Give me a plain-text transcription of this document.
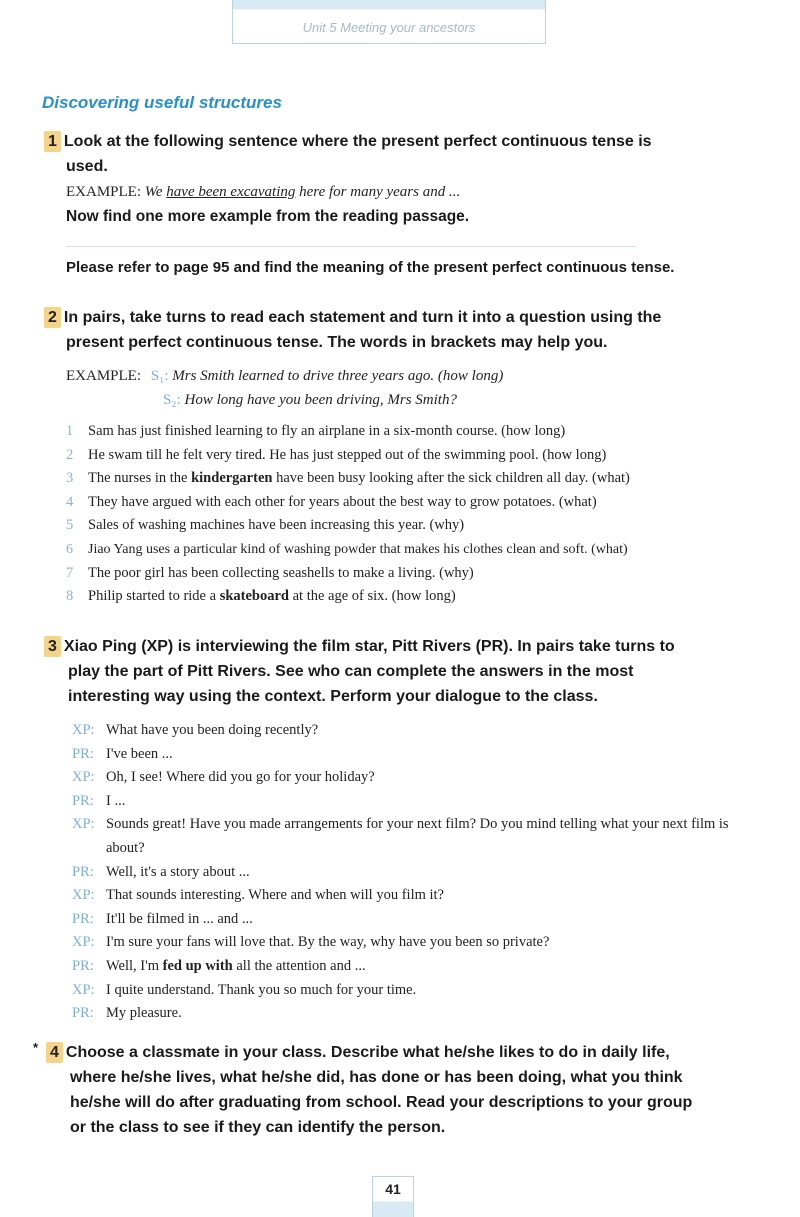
Unit 5 Meeting your ancestors
Discovering useful structures
1 Look at the following sentence where the present perfect continuous tense is
used.
EXAMPLE: We have been excavating here for many years and ...
Now find one more example from the reading passage.
Please refer to page 95 and find the meaning of the present perfect continuous tense.
2 In pairs, take turns to read each statement and turn it into a question using the
present perfect continuous tense. The words in brackets may help you.
EXAMPLE: S₁: Mrs Smith learned to drive three years ago. (how long)
S₂: How long have you been driving, Mrs Smith?
1 Sam has just finished learning to fly an airplane in a six-month course. (how long)
2 He swam till he felt very tired. He has just stepped out of the swimming pool. (how long)
3 The nurses in the kindergarten have been busy looking after the sick children all day. (what)
4 They have argued with each other for years about the best way to grow potatoes. (what)
5 Sales of washing machines have been increasing this year. (why)
6 Jiao Yang uses a particular kind of washing powder that makes his clothes clean and soft. (what)
7 The poor girl has been collecting seashells to make a living. (why)
8 Philip started to ride a skateboard at the age of six. (how long)
3 Xiao Ping (XP) is interviewing the film star, Pitt Rivers (PR). In pairs take turns to
play the part of Pitt Rivers. See who can complete the answers in the most
interesting way using the context. Perform your dialogue to the class.
XP: What have you been doing recently?
PR: I've been ...
XP: Oh, I see! Where did you go for your holiday?
PR: I ...
XP: Sounds great! Have you made arrangements for your next film? Do you mind telling what your next film is about?
PR: Well, it's a story about ...
XP: That sounds interesting. Where and when will you film it?
PR: It'll be filmed in ... and ...
XP: I'm sure your fans will love that. By the way, why have you been so private?
PR: Well, I'm fed up with all the attention and ...
XP: I quite understand. Thank you so much for your time.
PR: My pleasure.
* 4 Choose a classmate in your class. Describe what he/she likes to do in daily life,
where he/she lives, what he/she did, has done or has been doing, what you think
he/she will do after graduating from school. Read your descriptions to your group
or the class to see if they can identify the person.
41
